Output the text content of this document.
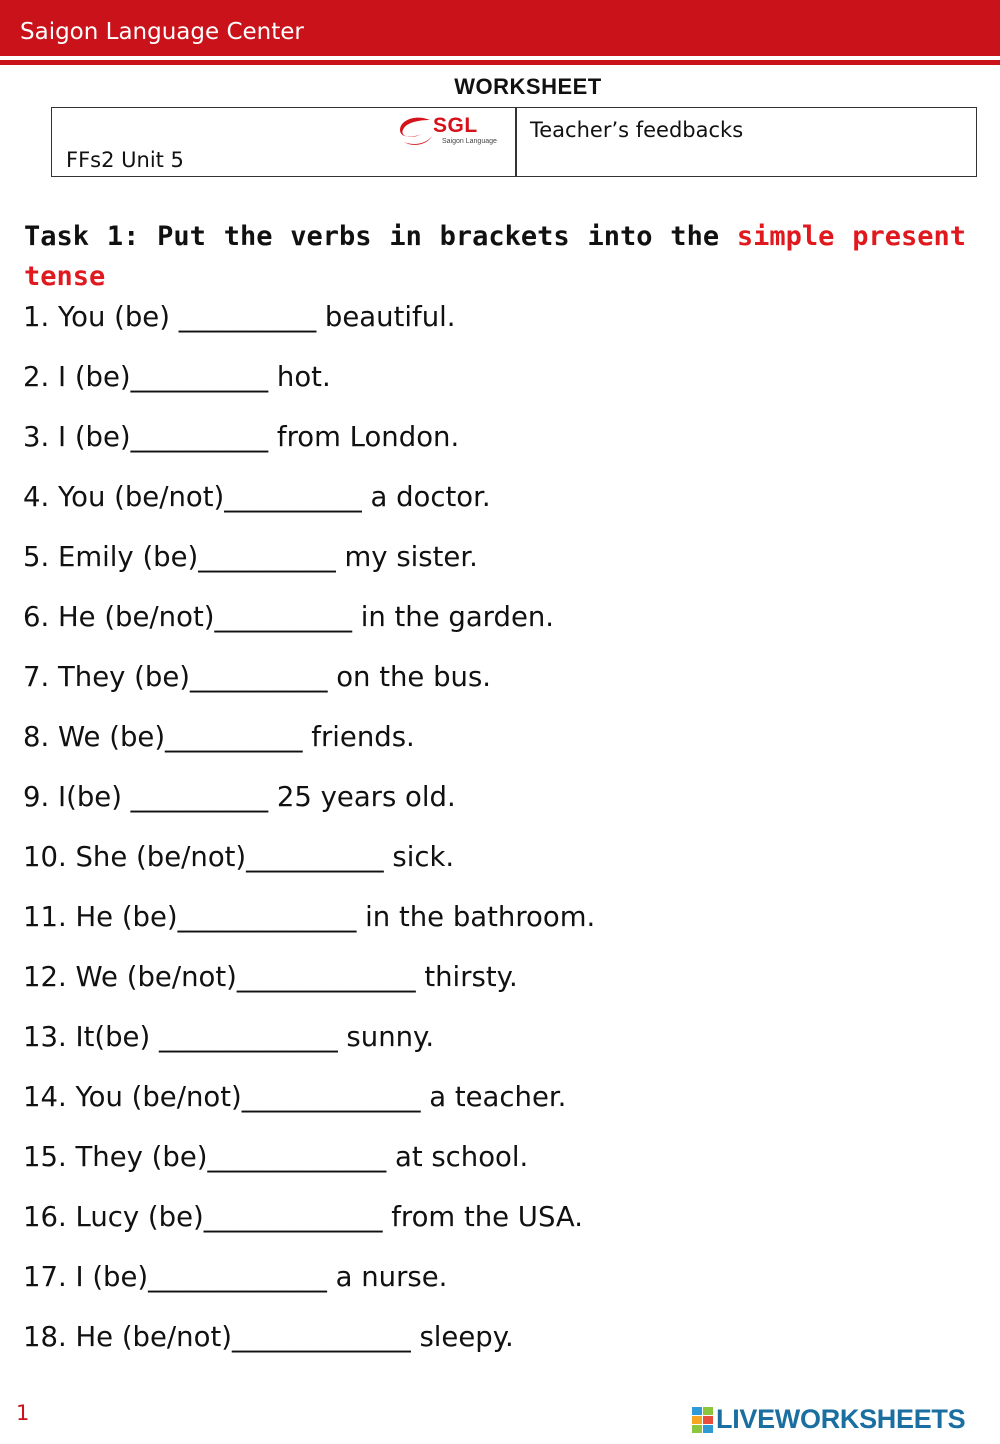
Saigon Language Center
WORKSHEET
SGL
Saigon Language
FFs2 Unit 5
Teacher’s feedbacks
Task 1: Put the verbs in brackets into the simple present tense
1. You (be) __________ beautiful.
2. I (be)__________ hot.
3. I (be)__________ from London.
4. You (be/not)__________ a doctor.
5. Emily (be)__________ my sister.
6. He (be/not)__________ in the garden.
7. They (be)__________ on the bus.
8. We (be)__________ friends.
9. I(be) __________ 25 years old.
10. She (be/not)__________ sick.
11. He (be)_____________ in the bathroom.
12. We (be/not)_____________ thirsty.
13. It(be) _____________ sunny.
14. You (be/not)_____________ a teacher.
15. They (be)_____________ at school.
16. Lucy (be)_____________ from the USA.
17. I (be)_____________ a nurse.
18. He (be/not)_____________ sleepy.
1	LIVEWORKSHEETS
